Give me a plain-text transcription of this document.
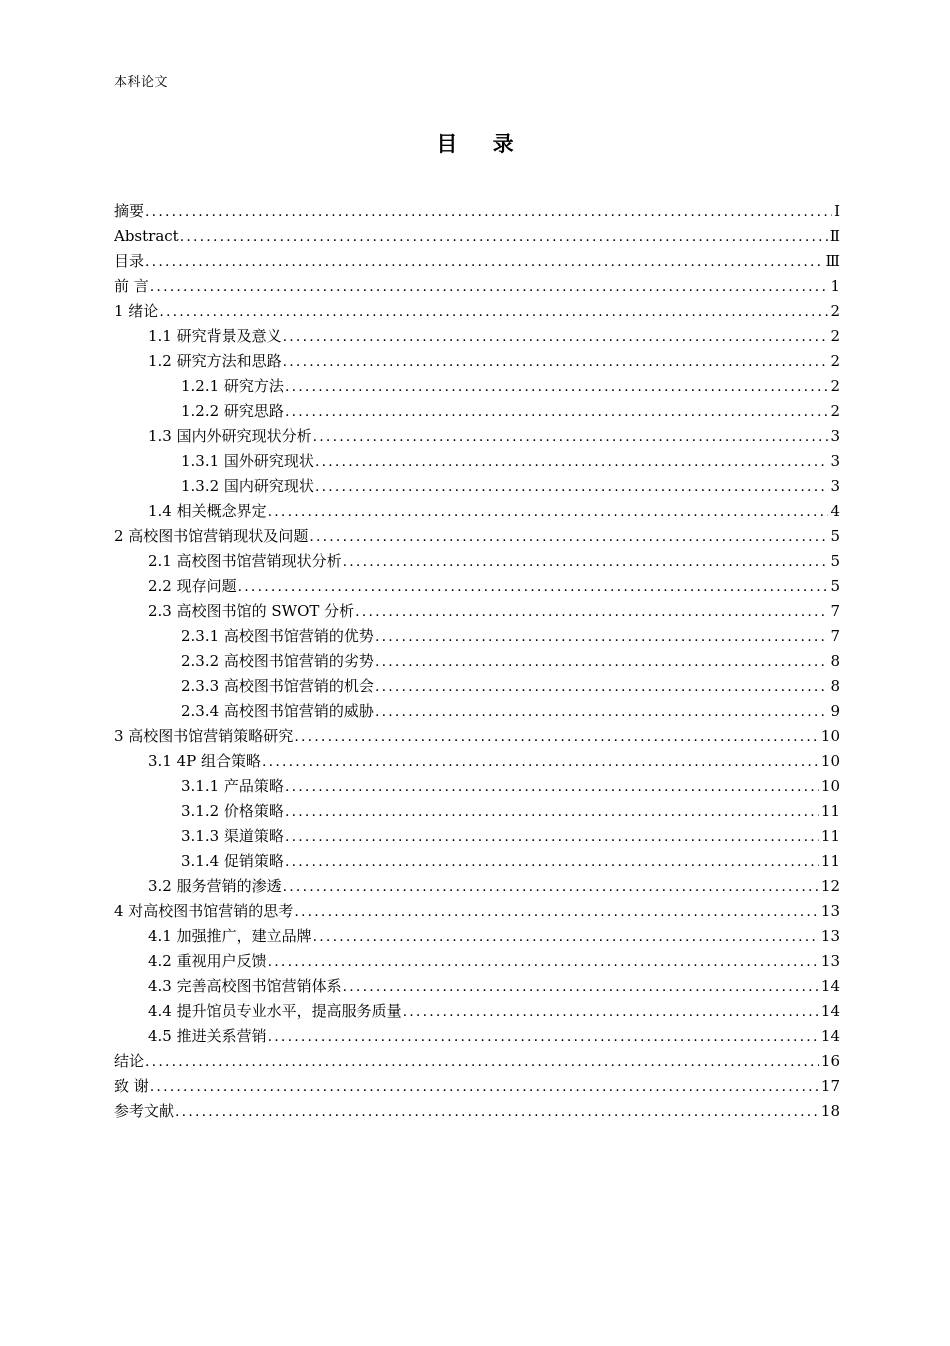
本科论文
目 录
摘要 .....	Ⅰ
Abstract .....	Ⅱ
目录 .....	Ⅲ
前 言 .....	1
1 绪论 .....	2
1.1 研究背景及意义 .....	2
1.2 研究方法和思路 .....	2
1.2.1 研究方法 .....	2
1.2.2 研究思路 .....	2
1.3 国内外研究现状分析 .....	3
1.3.1 国外研究现状 .....	3
1.3.2 国内研究现状 .....	3
1.4 相关概念界定 .....	4
2 高校图书馆营销现状及问题 .....	5
2.1 高校图书馆营销现状分析 .....	5
2.2 现存问题 .....	5
2.3 高校图书馆的 SWOT 分析 .....	7
2.3.1 高校图书馆营销的优势 .....	7
2.3.2 高校图书馆营销的劣势 .....	8
2.3.3 高校图书馆营销的机会 .....	8
2.3.4 高校图书馆营销的威胁 .....	9
3 高校图书馆营销策略研究 .....	10
3.1 4P 组合策略 .....	10
3.1.1 产品策略 .....	10
3.1.2 价格策略 .....	11
3.1.3 渠道策略 .....	11
3.1.4 促销策略 .....	11
3.2 服务营销的渗透 .....	12
4 对高校图书馆营销的思考 .....	13
4.1 加强推广，建立品牌 .....	13
4.2 重视用户反馈 .....	13
4.3 完善高校图书馆营销体系 .....	14
4.4 提升馆员专业水平，提高服务质量 .....	14
4.5 推进关系营销 .....	14
结论 .....	16
致 谢 .....	17
参考文献 .....	18
